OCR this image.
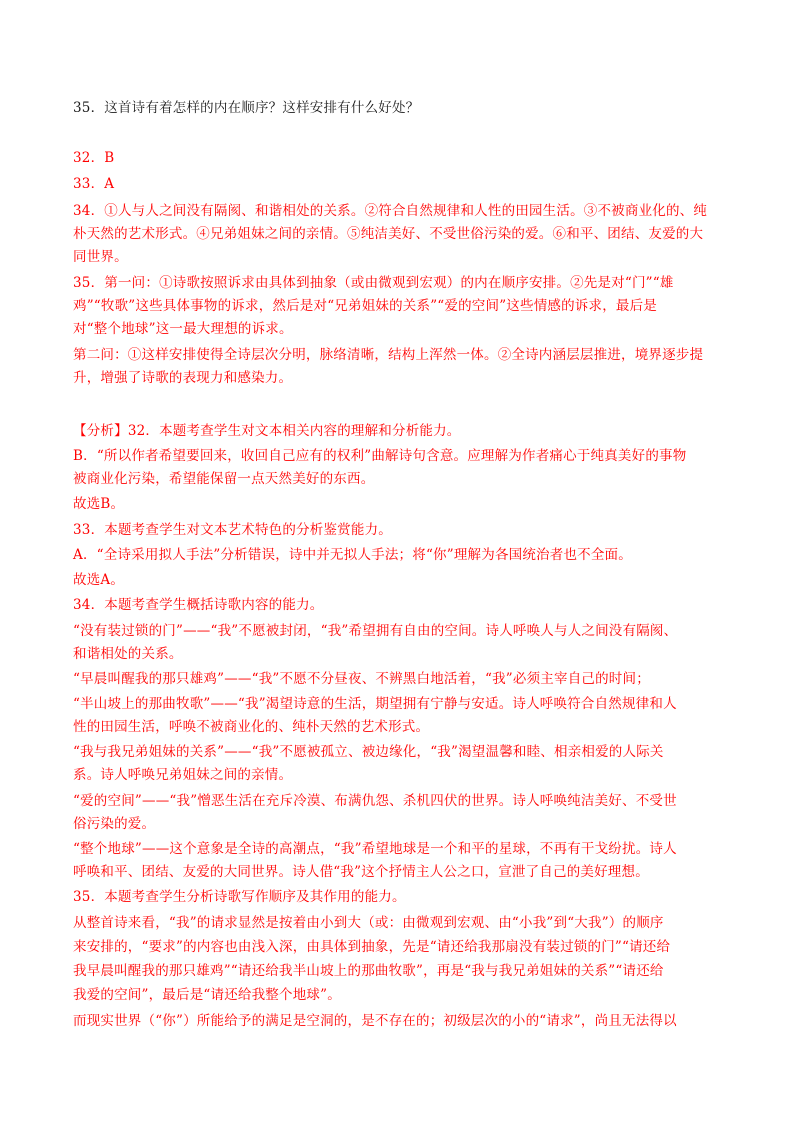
35．这首诗有着怎样的内在顺序？这样安排有什么好处？
32．B
33．A
34．①人与人之间没有隔阂、和谐相处的关系。②符合自然规律和人性的田园生活。③不被商业化的、纯
朴天然的艺术形式。④兄弟姐妹之间的亲情。⑤纯洁美好、不受世俗污染的爱。⑥和平、团结、友爱的大
同世界。
35．第一问：①诗歌按照诉求由具体到抽象（或由微观到宏观）的内在顺序安排。②先是对“门”“雄
鸡”“牧歌”这些具体事物的诉求，然后是对“兄弟姐妹的关系”“爱的空间”这些情感的诉求，最后是
对“整个地球”这一最大理想的诉求。
第二问：①这样安排使得全诗层次分明，脉络清晰，结构上浑然一体。②全诗内涵层层推进，境界逐步提
升，增强了诗歌的表现力和感染力。
【分析】32．本题考查学生对文本相关内容的理解和分析能力。
B．“所以作者希望要回来，收回自己应有的权利”曲解诗句含意。应理解为作者痛心于纯真美好的事物
被商业化污染，希望能保留一点天然美好的东西。
故选B。
33．本题考查学生对文本艺术特色的分析鉴赏能力。
A．“全诗采用拟人手法”分析错误，诗中并无拟人手法；将“你”理解为各国统治者也不全面。
故选A。
34．本题考查学生概括诗歌内容的能力。
“没有装过锁的门”——“我”不愿被封闭，“我”希望拥有自由的空间。诗人呼唤人与人之间没有隔阂、
和谐相处的关系。
“早晨叫醒我的那只雄鸡”——“我”不愿不分昼夜、不辨黑白地活着，“我”必须主宰自己的时间；
“半山坡上的那曲牧歌”——“我”渴望诗意的生活，期望拥有宁静与安适。诗人呼唤符合自然规律和人
性的田园生活，呼唤不被商业化的、纯朴天然的艺术形式。
“我与我兄弟姐妹的关系”——“我”不愿被孤立、被边缘化，“我”渴望温馨和睦、相亲相爱的人际关
系。诗人呼唤兄弟姐妹之间的亲情。
“爱的空间”——“我”憎恶生活在充斥冷漠、布满仇怨、杀机四伏的世界。诗人呼唤纯洁美好、不受世
俗污染的爱。
“整个地球”——这个意象是全诗的高潮点，“我”希望地球是一个和平的星球，不再有干戈纷扰。诗人
呼唤和平、团结、友爱的大同世界。诗人借“我”这个抒情主人公之口，宣泄了自己的美好理想。
35．本题考查学生分析诗歌写作顺序及其作用的能力。
从整首诗来看，“我”的请求显然是按着由小到大（或：由微观到宏观、由“小我”到“大我”）的顺序
来安排的，“要求”的内容也由浅入深，由具体到抽象，先是“请还给我那扇没有装过锁的门”“请还给
我早晨叫醒我的那只雄鸡”“请还给我半山坡上的那曲牧歌”，再是“我与我兄弟姐妹的关系”“请还给
我爱的空间”，最后是“请还给我整个地球”。
而现实世界（“你”）所能给予的满足是空洞的，是不存在的；初级层次的小的“请求”，尚且无法得以
